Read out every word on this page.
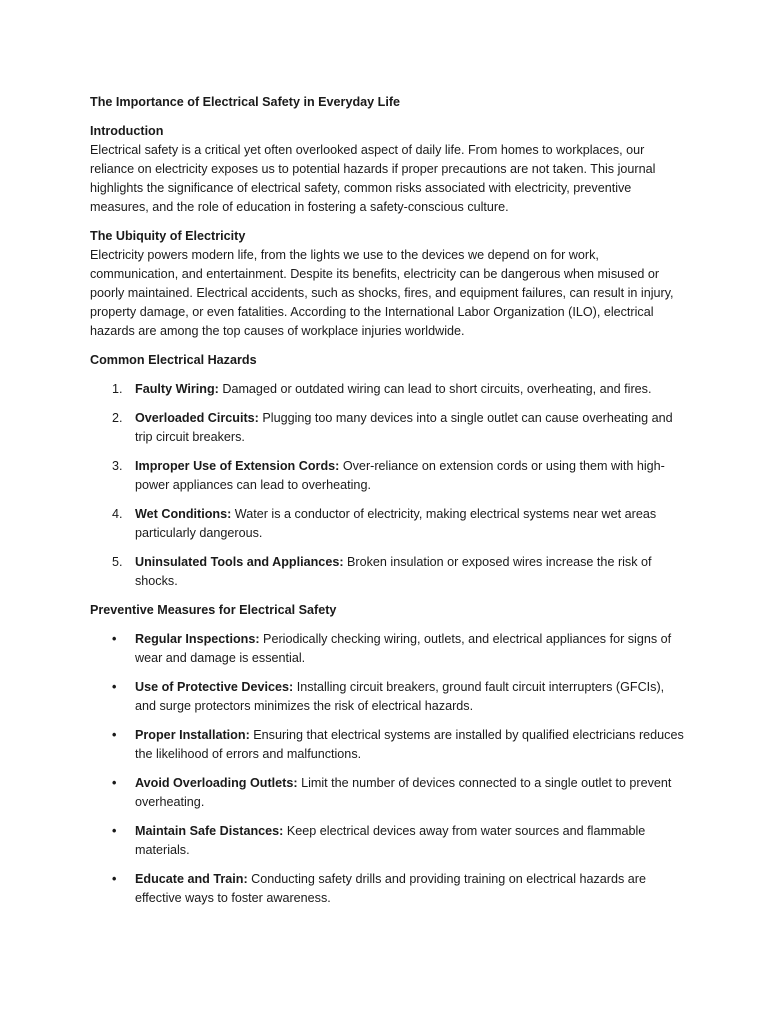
The Importance of Electrical Safety in Everyday Life

Introduction

Electrical safety is a critical yet often overlooked aspect of daily life. From homes to workplaces, our reliance on electricity exposes us to potential hazards if proper precautions are not taken. This journal highlights the significance of electrical safety, common risks associated with electricity, preventive measures, and the role of education in fostering a safety-conscious culture.

The Ubiquity of Electricity

Electricity powers modern life, from the lights we use to the devices we depend on for work, communication, and entertainment. Despite its benefits, electricity can be dangerous when misused or poorly maintained. Electrical accidents, such as shocks, fires, and equipment failures, can result in injury, property damage, or even fatalities. According to the International Labor Organization (ILO), electrical hazards are among the top causes of workplace injuries worldwide.

Common Electrical Hazards

1. Faulty Wiring: Damaged or outdated wiring can lead to short circuits, overheating, and fires.
2. Overloaded Circuits: Plugging too many devices into a single outlet can cause overheating and trip circuit breakers.
3. Improper Use of Extension Cords: Over-reliance on extension cords or using them with high-power appliances can lead to overheating.
4. Wet Conditions: Water is a conductor of electricity, making electrical systems near wet areas particularly dangerous.
5. Uninsulated Tools and Appliances: Broken insulation or exposed wires increase the risk of shocks.

Preventive Measures for Electrical Safety

• Regular Inspections: Periodically checking wiring, outlets, and electrical appliances for signs of wear and damage is essential.
• Use of Protective Devices: Installing circuit breakers, ground fault circuit interrupters (GFCIs), and surge protectors minimizes the risk of electrical hazards.
• Proper Installation: Ensuring that electrical systems are installed by qualified electricians reduces the likelihood of errors and malfunctions.
• Avoid Overloading Outlets: Limit the number of devices connected to a single outlet to prevent overheating.
• Maintain Safe Distances: Keep electrical devices away from water sources and flammable materials.
• Educate and Train: Conducting safety drills and providing training on electrical hazards are effective ways to foster awareness.
